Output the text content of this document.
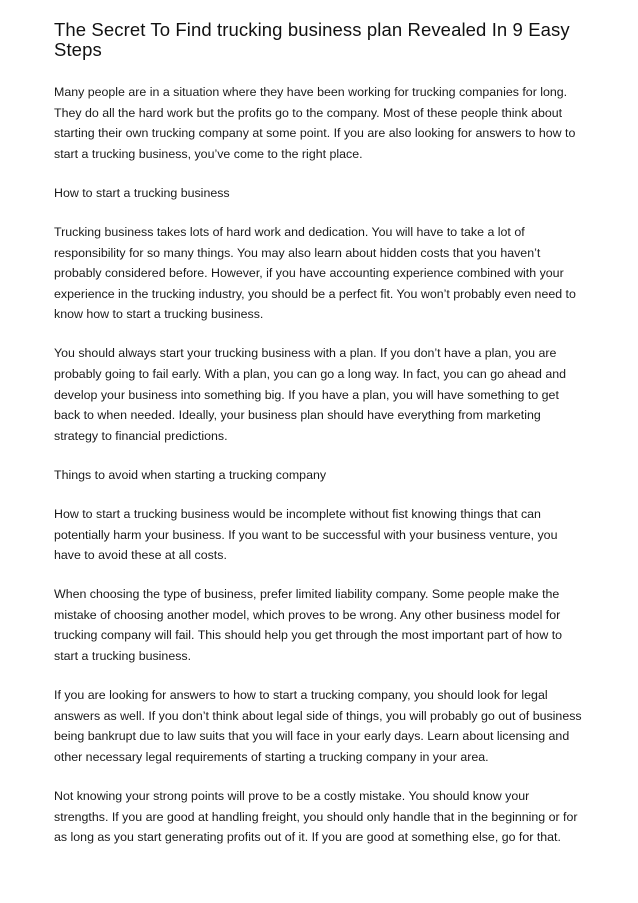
The Secret To Find trucking business plan Revealed In 9 Easy Steps

Many people are in a situation where they have been working for trucking companies for long. They do all the hard work but the profits go to the company. Most of these people think about starting their own trucking company at some point. If you are also looking for answers to how to start a trucking business, you’ve come to the right place.

How to start a trucking business

Trucking business takes lots of hard work and dedication. You will have to take a lot of responsibility for so many things. You may also learn about hidden costs that you haven’t probably considered before. However, if you have accounting experience combined with your experience in the trucking industry, you should be a perfect fit. You won’t probably even need to know how to start a trucking business.

You should always start your trucking business with a plan. If you don’t have a plan, you are probably going to fail early. With a plan, you can go a long way. In fact, you can go ahead and develop your business into something big. If you have a plan, you will have something to get back to when needed. Ideally, your business plan should have everything from marketing strategy to financial predictions.

Things to avoid when starting a trucking company

How to start a trucking business would be incomplete without fist knowing things that can potentially harm your business. If you want to be successful with your business venture, you have to avoid these at all costs.

When choosing the type of business, prefer limited liability company. Some people make the mistake of choosing another model, which proves to be wrong. Any other business model for trucking company will fail. This should help you get through the most important part of how to start a trucking business.

If you are looking for answers to how to start a trucking company, you should look for legal answers as well. If you don’t think about legal side of things, you will probably go out of business being bankrupt due to law suits that you will face in your early days. Learn about licensing and other necessary legal requirements of starting a trucking company in your area.

Not knowing your strong points will prove to be a costly mistake. You should know your strengths. If you are good at handling freight, you should only handle that in the beginning or for as long as you start generating profits out of it. If you are good at something else, go for that.
